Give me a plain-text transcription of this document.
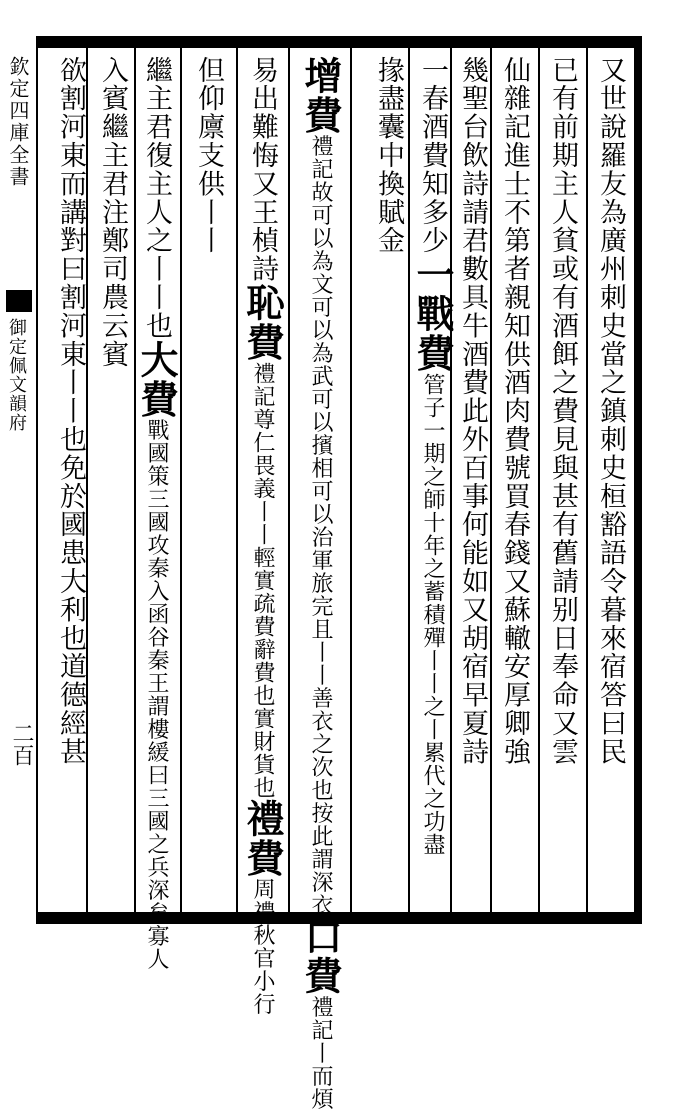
欽定四庫全書
御定佩文韻府
二百	又世說羅友為廣州刺史當之鎮刺史桓豁語令暮來宿答曰民
已有前期主人貧或有酒餌之費見與甚有舊請别日奉命又雲
仙雜記進士不第者親知供酒肉費號買春錢又蘇轍安厚卿強
幾聖台飲詩請君數具牛酒費此外百事何能如又胡宿早夏詩
一春酒費知多少一戰費管子一期之師十年之蓄積殫丨丨之丨累代之功盡
掾盡囊中換賦金
增費禮記故可以為文可以為武可以擯相可以治軍旅完且丨丨善衣之次也按此謂深衣口費禮記丨而煩
易出難悔又王楨詩恥費禮記尊仁畏義丨丨輕實疏費辭費也實財貨也禮費周禮秋官小行
但仰廪支供丨丨
繼主君復主人之丨丨也大費戰國策三國攻秦入函谷秦王謂樓緩曰三國之兵深矣寡人
入賓繼主君注鄭司農云賓
欲割河東而講對曰割河東丨丨也免於國患大利也道德經甚
